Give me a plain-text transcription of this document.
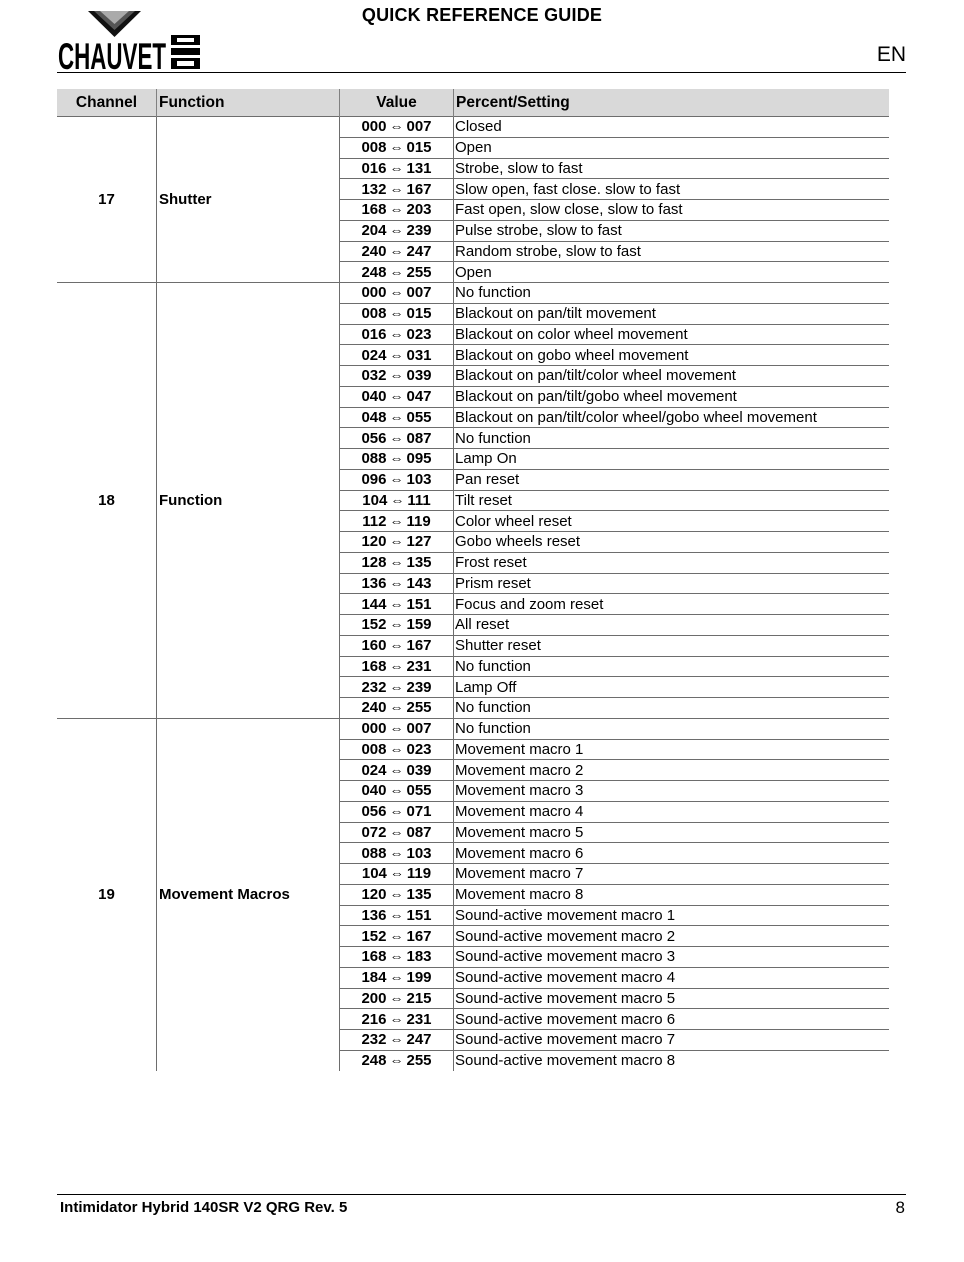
CHAUVET
QUICK REFERENCE GUIDE
EN
Channel	Function	Value	Percent/Setting
17	Shutter	000 ⇔ 007	Closed
		008 ⇔ 015	Open
		016 ⇔ 131	Strobe, slow to fast
		132 ⇔ 167	Slow open, fast close. slow to fast
		168 ⇔ 203	Fast open, slow close, slow to fast
		204 ⇔ 239	Pulse strobe, slow to fast
		240 ⇔ 247	Random strobe, slow to fast
		248 ⇔ 255	Open
18	Function	000 ⇔ 007	No function
		008 ⇔ 015	Blackout on pan/tilt movement
		016 ⇔ 023	Blackout on color wheel movement
		024 ⇔ 031	Blackout on gobo wheel movement
		032 ⇔ 039	Blackout on pan/tilt/color wheel movement
		040 ⇔ 047	Blackout on pan/tilt/gobo wheel movement
		048 ⇔ 055	Blackout on pan/tilt/color wheel/gobo wheel movement
		056 ⇔ 087	No function
		088 ⇔ 095	Lamp On
		096 ⇔ 103	Pan reset
		104 ⇔ 111	Tilt reset
		112 ⇔ 119	Color wheel reset
		120 ⇔ 127	Gobo wheels reset
		128 ⇔ 135	Frost reset
		136 ⇔ 143	Prism reset
		144 ⇔ 151	Focus and zoom reset
		152 ⇔ 159	All reset
		160 ⇔ 167	Shutter reset
		168 ⇔ 231	No function
		232 ⇔ 239	Lamp Off
		240 ⇔ 255	No function
19	Movement Macros	000 ⇔ 007	No function
		008 ⇔ 023	Movement macro 1
		024 ⇔ 039	Movement macro 2
		040 ⇔ 055	Movement macro 3
		056 ⇔ 071	Movement macro 4
		072 ⇔ 087	Movement macro 5
		088 ⇔ 103	Movement macro 6
		104 ⇔ 119	Movement macro 7
		120 ⇔ 135	Movement macro 8
		136 ⇔ 151	Sound-active movement macro 1
		152 ⇔ 167	Sound-active movement macro 2
		168 ⇔ 183	Sound-active movement macro 3
		184 ⇔ 199	Sound-active movement macro 4
		200 ⇔ 215	Sound-active movement macro 5
		216 ⇔ 231	Sound-active movement macro 6
		232 ⇔ 247	Sound-active movement macro 7
		248 ⇔ 255	Sound-active movement macro 8
Intimidator Hybrid 140SR V2 QRG Rev. 5	8
